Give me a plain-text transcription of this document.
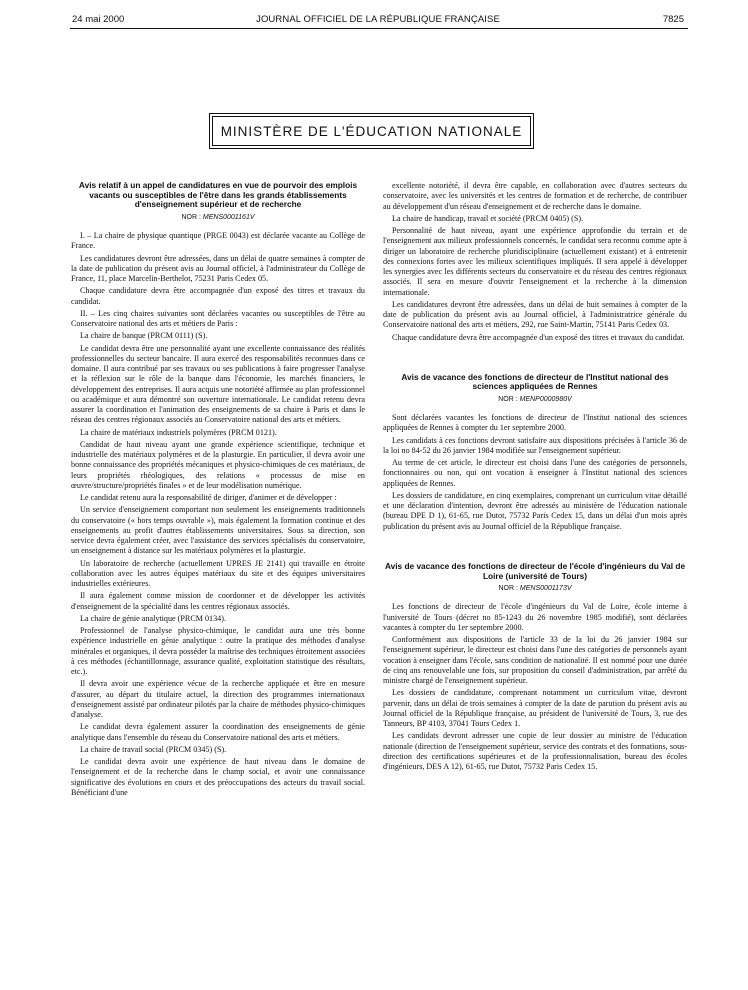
24 mai 2000	JOURNAL OFFICIEL DE LA RÉPUBLIQUE FRANÇAISE	7825
MINISTÈRE DE L'ÉDUCATION NATIONALE
Avis relatif à un appel de candidatures en vue de pourvoir des emplois vacants ou susceptibles de l'être dans les grands établissements d'enseignement supérieur et de recherche
NOR : MENS0001161V

I. – La chaire de physique quantique (PRGE 0043) est déclarée vacante au Collège de France.

Les candidatures devront être adressées, dans un délai de quatre semaines à compter de la date de publication du présent avis au Journal officiel, à l'administrateur du Collège de France, 11, place Marcelin-Berthelot, 75231 Paris Cedex 05.

Chaque candidature devra être accompagnée d'un exposé des titres et travaux du candidat.

II. – Les cinq chaires suivantes sont déclarées vacantes ou susceptibles de l'être au Conservatoire national des arts et métiers de Paris :

La chaire de banque (PRCM 0111) (S).

Le candidat devra être une personnalité ayant une excellente connaissance des réalités professionnelles du secteur bancaire. Il aura exercé des responsabilités reconnues dans ce domaine. Il aura contribué par ses travaux ou ses publications à faire progresser l'analyse et la réflexion sur le rôle de la banque dans l'économie, les marchés financiers, le développement des entreprises. Il aura acquis une notoriété affirmée au plan professionnel ou académique et aura démontré son ouverture internationale. Le candidat retenu devra assurer la coordination et l'animation des enseignements de sa chaire à Paris et dans le réseau des centres régionaux associés au Conservatoire national des arts et métiers.

La chaire de matériaux industriels polymères (PRCM 0121).

Candidat de haut niveau ayant une grande expérience scientifique, technique et industrielle des matériaux polymères et de la plasturgie. En particulier, il devra avoir une bonne connaissance des propriétés mécaniques et physico-chimiques de ces matériaux, de leurs propriétés rhéologiques, des relations « processus de mise en œuvre/structure/propriétés finales » et de leur modélisation numérique.

Le candidat retenu aura la responsabilité de diriger, d'animer et de développer :

Un service d'enseignement comportant non seulement les enseignements traditionnels du conservatoire (« hors temps ouvrable »), mais également la formation continue et des enseignements au profit d'autres établissements universitaires. Sous sa direction, son service devra également créer, avec l'assistance des services spécialisés du conservatoire, un enseignement à distance sur les matériaux polymères et la plasturgie.

Un laboratoire de recherche (actuellement UPRES JE 2141) qui travaille en étroite collaboration avec les autres équipes matériaux du site et des équipes universitaires industrielles extérieures.

Il aura également comme mission de coordonner et de développer les activités d'enseignement de la spécialité dans les centres régionaux associés.

La chaire de génie analytique (PRCM 0134).

Professionnel de l'analyse physico-chimique, le candidat aura une très bonne expérience industrielle en génie analytique : outre la pratique des méthodes d'analyse minérales et organiques, il devra posséder la maîtrise des techniques étroitement associées à ces méthodes (échantillonnage, assurance qualité, exploitation statistique des résultats, etc.).

Il devra avoir une expérience vécue de la recherche appliquée et être en mesure d'assurer, au départ du titulaire actuel, la direction des programmes internationaux d'enseignement assisté par ordinateur pilotés par la chaire de méthodes physico-chimiques d'analyse.

Le candidat devra également assurer la coordination des enseignements de génie analytique dans l'ensemble du réseau du Conservatoire national des arts et métiers.

La chaire de travail social (PRCM 0345) (S).

Le candidat devra avoir une expérience de haut niveau dans le domaine de l'enseignement et de la recherche dans le champ social, et avoir une connaissance significative des évolutions en cours et des préoccupations des acteurs du travail social. Bénéficiant d'une

excellente notoriété, il devra être capable, en collaboration avec d'autres secteurs du conservatoire, avec les universités et les centres de formation et de recherche, de contribuer au développement d'un réseau d'enseignement et de recherche dans le domaine.

La chaire de handicap, travail et société (PRCM 0405) (S).

Personnalité de haut niveau, ayant une expérience approfondie du terrain et de l'enseignement aux milieux professionnels concernés, le candidat sera reconnu comme apte à diriger un laboratoire de recherche pluridisciplinaire (actuellement existant) et à entretenir des connexions fortes avec les milieux scientifiques impliqués. Il sera appelé à développer les synergies avec les différents secteurs du conservatoire et du réseau des centres régionaux associés. Il sera en mesure d'ouvrir l'enseignement et la recherche à la dimension internationale.

Les candidatures devront être adressées, dans un délai de huit semaines à compter de la date de publication du présent avis au Journal officiel, à l'administratrice générale du Conservatoire national des arts et métiers, 292, rue Saint-Martin, 75141 Paris Cedex 03.

Chaque candidature devra être accompagnée d'un exposé des titres et travaux du candidat.

Avis de vacance des fonctions de directeur de l'Institut national des sciences appliquées de Rennes
NOR : MENP0000980V

Sont déclarées vacantes les fonctions de directeur de l'Institut national des sciences appliquées de Rennes à compter du 1er septembre 2000.

Les candidats à ces fonctions devront satisfaire aux dispositions précisées à l'article 36 de la loi no 84-52 du 26 janvier 1984 modifiée sur l'enseignement supérieur.

Au terme de cet article, le directeur est choisi dans l'une des catégories de personnels, fonctionnaires ou non, qui ont vocation à enseigner à l'Institut national des sciences appliquées de Rennes.

Les dossiers de candidature, en cinq exemplaires, comprenant un curriculum vitae détaillé et une déclaration d'intention, devront être adressés au ministère de l'éducation nationale (bureau DPE D 1), 61-65, rue Dutot, 75732 Paris Cedex 15, dans un délai d'un mois après publication du présent avis au Journal officiel de la République française.

Avis de vacance des fonctions de directeur de l'école d'ingénieurs du Val de Loire (université de Tours)
NOR : MENS0001173V

Les fonctions de directeur de l'école d'ingénieurs du Val de Loire, école interne à l'université de Tours (décret no 85-1243 du 26 novembre 1985 modifié), sont déclarées vacantes à compter du 1er septembre 2000.

Conformément aux dispositions de l'article 33 de la loi du 26 janvier 1984 sur l'enseignement supérieur, le directeur est choisi dans l'une des catégories de personnels ayant vocation à enseigner dans l'école, sans condition de nationalité. Il est nommé pour une durée de cinq ans renouvelable une fois, sur proposition du conseil d'administration, par arrêté du ministre chargé de l'enseignement supérieur.

Les dossiers de candidature, comprenant notamment un curriculum vitae, devront parvenir, dans un délai de trois semaines à compter de la date de parution du présent avis au Journal officiel de la République française, au président de l'université de Tours, 3, rue des Tanneurs, BP 4103, 37041 Tours Cedex 1.

Les candidats devront adresser une copie de leur dossier au ministre de l'éducation nationale (direction de l'enseignement supérieur, service des contrats et des formations, sous-direction des certifications supérieures et de la professionnalisation, bureau des écoles d'ingénieurs, DES A 12), 61-65, rue Dutot, 75732 Paris Cedex 15.
